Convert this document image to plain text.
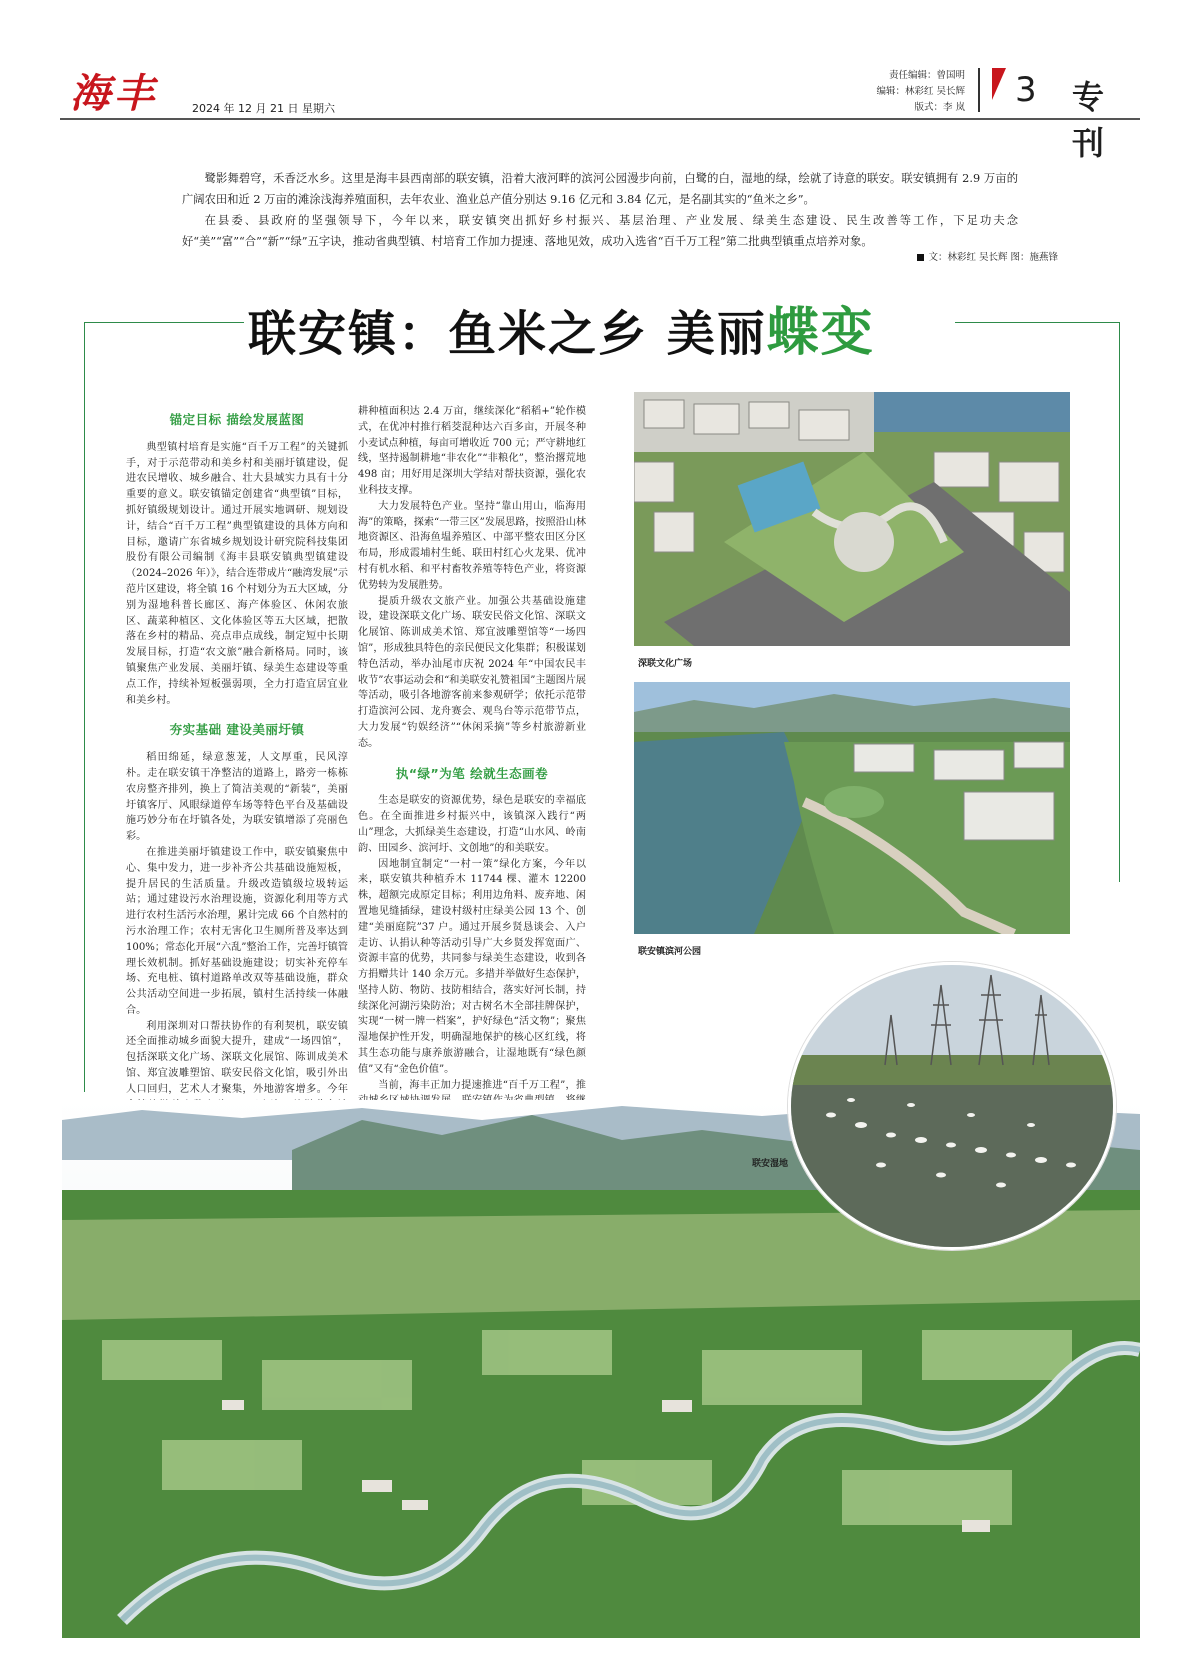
海丰	2024 年 12 月 21 日 星期六
责任编辑：曾国明
编辑：林彩红 吴长辉
版式：李 岚 3 专刊

鹭影舞碧穹，禾香泛水乡。这里是海丰县西南部的联安镇，沿着大液河畔的滨河公园漫步向前，白鹭的白，湿地的绿，绘就了诗意的联安。联安镇拥有 2.9 万亩的广阔农田和近 2 万亩的滩涂浅海养殖面积，去年农业、渔业总产值分别达 9.16 亿元和 3.84 亿元，是名副其实的“鱼米之乡”。

在县委、县政府的坚强领导下，今年以来，联安镇突出抓好乡村振兴、基层治理、产业发展、绿美生态建设、民生改善等工作，下足功夫念好“美”“富”“合”“新”“绿”五字诀，推动省典型镇、村培育工作加力提速、落地见效，成功入选省“百千万工程”第二批典型镇重点培养对象。

文：林彩红 吴长辉 图：施燕锋
联安镇：鱼米之乡 美丽蝶变
锚定目标 描绘发展蓝图

典型镇村培育是实施“百千万工程”的关键抓手，对于示范带动和美乡村和美丽圩镇建设，促进农民增收、城乡融合、壮大县域实力具有十分重要的意义。联安镇锚定创建省“典型镇”目标，抓好镇级规划设计。通过开展实地调研、规划设计，结合“百千万工程”典型镇建设的具体方向和目标，邀请广东省城乡规划设计研究院科技集团股份有限公司编制《海丰县联安镇典型镇建设（2024–2026 年）》，结合连带成片“融湾发展”示范片区建设，将全镇 16 个村划分为五大区域，分别为湿地科普长廊区、海产体验区、休闲农旅区、蔬菜种植区、文化体验区等五大区域，把散落在乡村的精品、亮点串点成线，制定短中长期发展目标，打造“农文旅”融合新格局。同时，该镇聚焦产业发展、美丽圩镇、绿美生态建设等重点工作，持续补短板强弱项，全力打造宜居宜业和美乡村。

夯实基础 建设美丽圩镇

稻田绵延，绿意葱茏，人文厚重，民风淳朴。走在联安镇干净整洁的道路上，路旁一栋栋农房整齐排列，换上了简洁美观的“新装”，美丽圩镇客厅、风眼绿道停车场等特色平台及基础设施巧妙分布在圩镇各处，为联安镇增添了亮丽色彩。

在推进美丽圩镇建设工作中，联安镇聚焦中心、集中发力，进一步补齐公共基础设施短板，提升居民的生活质量。升级改造镇级垃圾转运站；通过建设污水治理设施，资源化利用等方式进行农村生活污水治理，累计完成 66 个自然村的污水治理工作；农村无害化卫生厕所普及率达到 100%；常态化开展“六乱”整治工作，完善圩镇管理长效机制。抓好基础设施建设；切实补充停车场、充电桩、镇村道路单改双等基础设施，群众公共活动空间进一步拓展，镇村生活持续一体融合。

利用深圳对口帮扶协作的有利契机，联安镇还全面推动城乡面貌大提升，建成“一场四馆”，包括深联文化广场、深联文化展馆、陈训成美术馆、郑宜波雕塑馆、联安民俗文化馆，吸引外出人口回归，艺术人才聚集，外地游客增多。今年

耕种植面积达 2.4 万亩，继续深化“稻稻+”轮作模式，在优冲村推行稻茭混种达六百多亩，开展冬种小麦试点种植，每亩可增收近 700 元；严守耕地红线，坚持遏制耕地“非农化”“非粮化”，整治撂荒地 498 亩；用好用足深圳大学结对帮扶资源，强化农业科技支撑。

大力发展特色产业。坚持“靠山用山，临海用海”的策略，探索“一带三区”发展思路，按照沿山林地资源区、沿海鱼塭养殖区、中部平整农田区分区布局，形成霞埔村生蚝、联田村红心火龙果、优冲村有机水稻、和平村畜牧养殖等特色产业，将资源优势转为发展胜势。

提质升级农文旅产业。加强公共基础设施建设，建设深联文化广场、联安民俗文化馆、深联文化展馆、陈训成美术馆、郑宜波雕塑馆等“一场四馆”，形成独具特色的亲民便民文化集群；积极谋划特色活动，举办汕尾市庆祝 2024 年“中国农民丰收节”农事运动会和“和美联安礼赞祖国”主题图片展等活动，吸引各地游客前来参观研学；依托示范带打造滨河公园、龙舟赛会、观鸟台等示范带节点，大力发展“钓娱经济”“休闲采摘”等乡村旅游新业态。

执“绿”为笔 绘就生态画卷

生态是联安的资源优势，绿色是联安的幸福底色。在全面推进乡村振兴中，该镇深入践行“两山”理念，大抓绿美生态建设，打造“山水风、岭南韵、田园乡、滨河圩、文创地”的和美联安。

因地制宜制定“一村一策”绿化方案，今年以来，联安镇共种植乔木 11744 棵、灌木 12200 株，超额完成原定目标；利用边角料、废弃地、闲置地见缝插绿，建设村级村庄绿美公园 13 个、创建“美丽庭院”37 户。通过开展乡贤恳谈会、入户走访、认捐认种等活动引导广大乡贤发挥宽面广、资源丰富的优势，共同参与绿美生态建设，收到各方捐赠共计 140 余万元。多措并举做好生态保护，坚持人防、物防、技防相结合，落实好河长制，持续深化河湖污染防治；对古树名木全部挂牌保护，实现“一树一牌一档案”，护好绿色“活文物”；聚焦湿地保护性开发，明确湿地保护的核心区红线，将其生态功能与康养旅游融合，让湿地既有“绿色颜值”又有“金色价值”。

当前，海丰正加力提速推进“百千万工程”，推

深联文化广场
联安镇滨河公园
联安湿地
